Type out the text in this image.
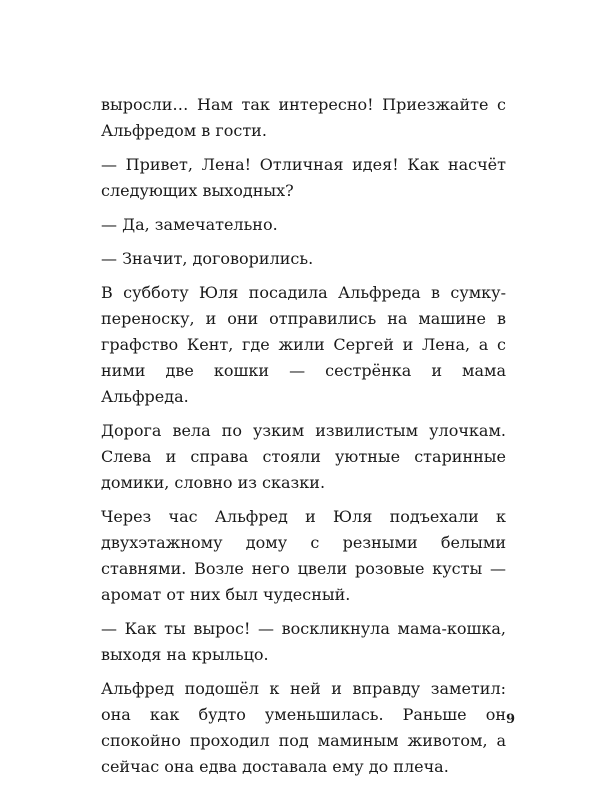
выросли… Нам так интересно! Приезжайте с Альфредом в гости.

— Привет, Лена! Отличная идея! Как насчёт следующих выходных?

— Да, замечательно.

— Значит, договорились.

В субботу Юля посадила Альфреда в сумку-переноску, и они отправились на машине в графство Кент, где жили Сергей и Лена, а с ними две кошки — сестрёнка и мама Альфреда.

Дорога вела по узким извилистым улочкам. Слева и справа стояли уютные старинные домики, словно из сказки.

Через час Альфред и Юля подъехали к двухэтажному дому с резными белыми ставнями. Возле него цвели розовые кусты — аромат от них был чудесный.

— Как ты вырос! — воскликнула мама-кошка, выходя на крыльцо.

Альфред подошёл к ней и вправду заметил: она как будто уменьшилась. Раньше он спокойно проходил под маминым животом, а сейчас она едва доставала ему до плеча.

9
